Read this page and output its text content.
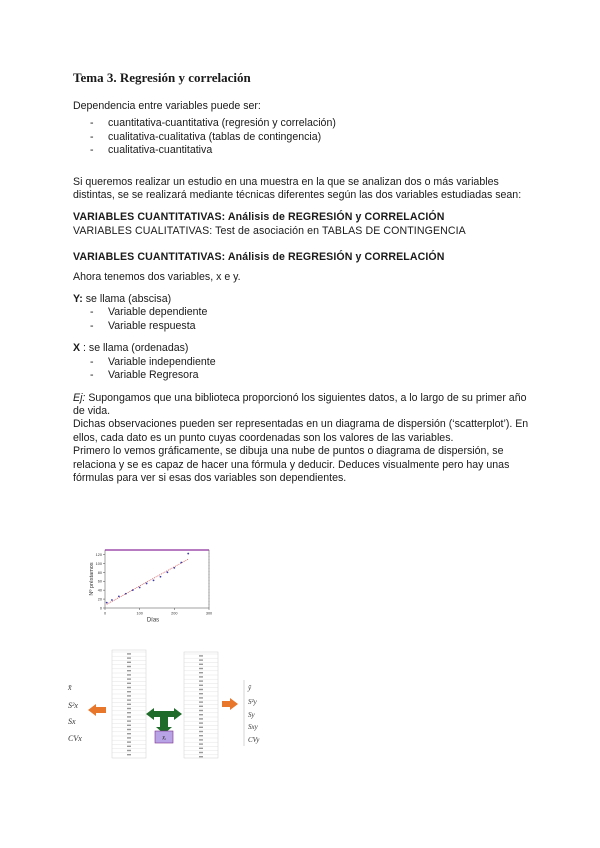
Tema 3. Regresión y correlación

Dependencia entre variables puede ser:

- cuantitativa-cuantitativa (regresión y correlación)
- cualitativa-cualitativa (tablas de contingencia)
- cualitativa-cuantitativa

Si queremos realizar un estudio en una muestra en la que se analizan dos o más variables distintas, se se realizará mediante técnicas diferentes según las dos variables estudiadas sean:

VARIABLES CUANTITATIVAS: Análisis de REGRESIÓN y CORRELACIÓN

VARIABLES CUALITATIVAS: Test de asociación en TABLAS DE CONTINGENCIA

VARIABLES CUANTITATIVAS: Análisis de REGRESIÓN y CORRELACIÓN

Ahora tenemos dos variables, x e y.

Y: se llama (abscisa)

- Variable dependiente
- Variable respuesta

X : se llama (ordenadas)

- Variable independiente
- Variable Regresora

Ej: Supongamos que una biblioteca proporcionó los siguientes datos, a lo largo de su primer año de vida.

Dichas observaciones pueden ser representadas en un diagrama de dispersión (‘scatterplot’). En ellos, cada dato es un punto cuyas coordenadas son los valores de las variables.

Primero lo vemos gráficamente, se dibuja una nube de puntos o diagrama de dispersión, se relaciona y se es capaz de hacer una fórmula y deducir. Deduces visualmente pero hay unas fórmulas para ver si esas dos variables son dependientes.

0
20
40
60
80
100
120
0	100	200	300
Días
Nº préstamos
x̄
S²x
Sx
CVx
ȳ
S²y
Sy
Sxy
CVy
x̄ᵢ
